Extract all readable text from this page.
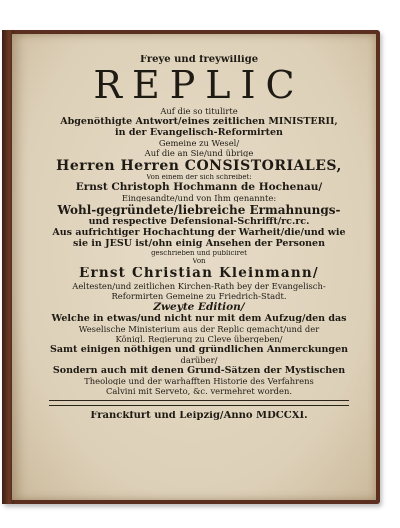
Freye und freywillige
REPLIC
Auf die so titulirte
Abgenöthigte Antwort/eines zeitlichen MINISTERII,
in der Evangelisch-Reformirten
Gemeine zu Wesel/
Auf die an Sie/und übrige
Herren Herren CONSISTORIALES,
Von einem der sich schreibet:
Ernst Christoph Hochmann de Hochenau/
Eingesandte/und von Ihm genannte:
Wohl-gegründete/liebreiche Ermahnungs-
und respective Defensional-Schrifft/rc.rc.
Aus aufrichtiger Hochachtung der Warheit/die/und wie
sie in JESU ist/ohn einig Ansehen der Personen
geschrieben und publiciret
Von
Ernst Christian Kleinmann/
Aeltesten/und zeitlichen Kirchen-Rath bey der Evangelisch-
Reformirten Gemeine zu Friedrich-Stadt.
Zweyte Edition/
Welche in etwas/und nicht nur mit dem Aufzug/den das
Weselische Ministerium aus der Replic gemacht/und der
Königl. Regierung zu Cleve übergeben/
Samt einigen nöthigen und gründlichen Anmerckungen
darüber/
Sondern auch mit denen Grund-Sätzen der Mystischen
Theologie und der warhafften Historie des Verfahrens
Calvini mit Serveto, &c. vermehret worden.
Franckfurt und Leipzig/Anno MDCCXI.
